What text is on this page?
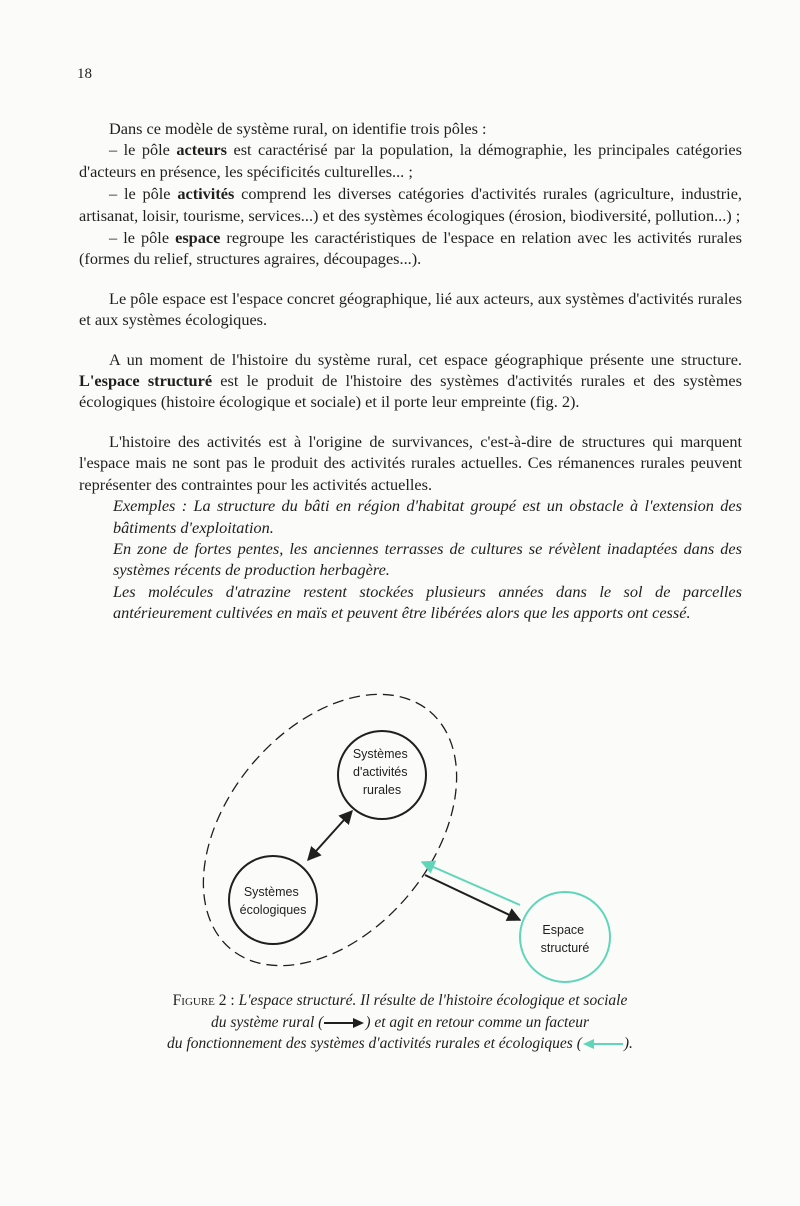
18

Dans ce modèle de système rural, on identifie trois pôles :

– le pôle acteurs est caractérisé par la population, la démographie, les principales catégories d'acteurs en présence, les spécificités culturelles... ;

– le pôle activités comprend les diverses catégories d'activités rurales (agriculture, industrie, artisanat, loisir, tourisme, services...) et des systèmes écologiques (érosion, biodiversité, pollution...) ;

– le pôle espace regroupe les caractéristiques de l'espace en relation avec les activités rurales (formes du relief, structures agraires, découpages...).

Le pôle espace est l'espace concret géographique, lié aux acteurs, aux systèmes d'activités rurales et aux systèmes écologiques.

A un moment de l'histoire du système rural, cet espace géographique présente une structure. L'espace structuré est le produit de l'histoire des systèmes d'activités rurales et des systèmes écologiques (histoire écologique et sociale) et il porte leur empreinte (fig. 2).

L'histoire des activités est à l'origine de survivances, c'est-à-dire de structures qui marquent l'espace mais ne sont pas le produit des activités rurales actuelles. Ces rémanences rurales peuvent représenter des contraintes pour les activités actuelles.

Exemples : La structure du bâti en région d'habitat groupé est un obstacle à l'extension des bâtiments d'exploitation.

En zone de fortes pentes, les anciennes terrasses de cultures se révèlent inadaptées dans des systèmes récents de production herbagère.

Les molécules d'atrazine restent stockées plusieurs années dans le sol de parcelles antérieurement cultivées en maïs et peuvent être libérées alors que les apports ont cessé.

Systèmes d'activités rurales
Systèmes écologiques
Espace structuré
Figure 2 : L'espace structuré. Il résulte de l'histoire écologique et sociale
du système rural (	) et agit en retour comme un facteur
du fonctionnement des systèmes d'activités rurales et écologiques (	).
